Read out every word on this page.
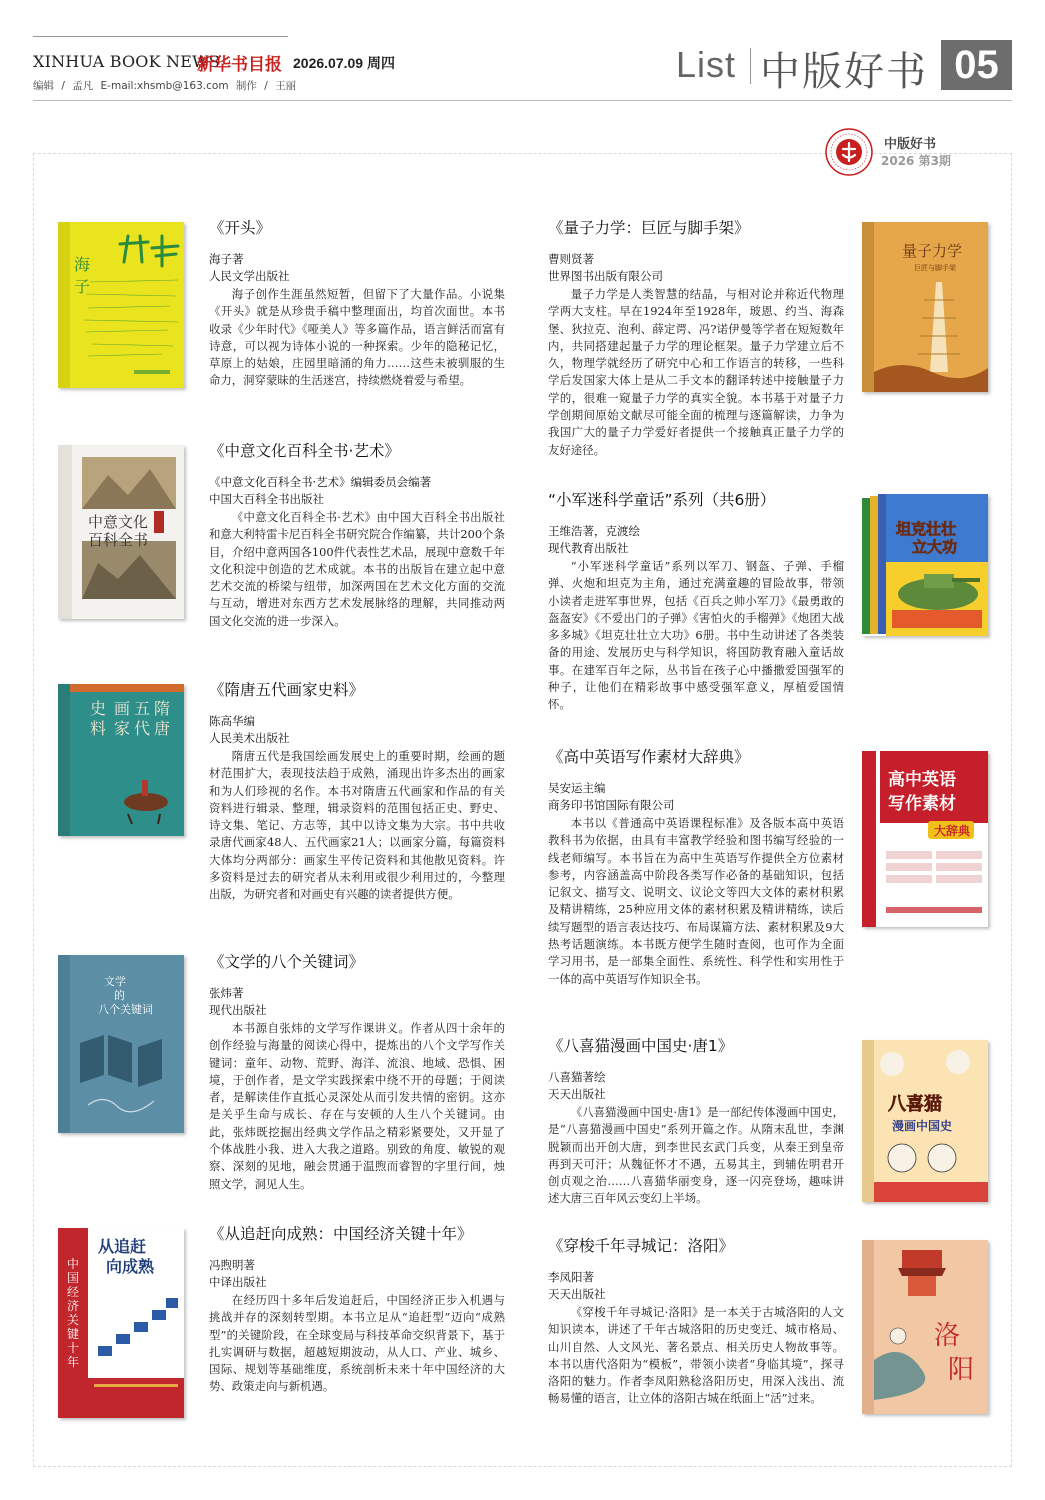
XINHUA BOOK NEWS
新华书目报 2026.07.09 周四
编辑 / 孟凡 E-mail:xhsmb@163.com 制作 / 王丽
List 中版好书 05
中版好书
2026 第3期
海
子
《开头》
海子著
人民文学出版社
海子创作生涯虽然短暂，但留下了大量作品。小说集《开头》就是从珍贵手稿中整理面出，均首次面世。本书收录《少年时代》《哑美人》等多篇作品，语言鲜活而富有诗意，可以视为诗体小说的一种探索。少年的隐秘记忆，草原上的姑娘，庄园里暗涌的角力……这些未被驯服的生命力，洞穿蒙昧的生活迷宫，持续燃烧着爱与希望。
中意文化
百科全书
《中意文化百科全书·艺术》
《中意文化百科全书·艺术》编辑委员会编著
中国大百科全书出版社
《中意文化百科全书·艺术》由中国大百科全书出版社和意大利特雷卡尼百科全书研究院合作编纂，共计200个条目，介绍中意两国各100件代表性艺术品，展现中意数千年文化积淀中创造的艺术成就。本书的出版旨在建立起中意艺术交流的桥梁与纽带，加深两国在艺术文化方面的交流与互动，增进对东西方艺术发展脉络的理解，共同推动两国文化交流的进一步深入。
隋
唐
五
代
画
家
史
料
《隋唐五代画家史料》
陈高华编
人民美术出版社
隋唐五代是我国绘画发展史上的重要时期，绘画的题材范围扩大，表现技法趋于成熟，涌现出许多杰出的画家和为人们珍视的名作。本书对隋唐五代画家和作品的有关资料进行辑录、整理，辑录资料的范围包括正史、野史、诗文集、笔记、方志等，其中以诗文集为大宗。书中共收录唐代画家48人、五代画家21人；以画家分篇，每篇资料大体均分两部分：画家生平传记资料和其他散见资料。许多资料是过去的研究者从未利用或很少利用过的，今整理出版，为研究者和对画史有兴趣的读者提供方便。
文学
的
八个关键词
《文学的八个关键词》
张炜著
现代出版社
本书源自张炜的文学写作课讲义。作者从四十余年的创作经验与海量的阅读心得中，提炼出的八个文学写作关键词：童年、动物、荒野、海洋、流浪、地域、恐惧、困境，于创作者，是文学实践探索中绕不开的母题；于阅读者，是解读佳作直抵心灵深处从而引发共情的密钥。这亦是关乎生命与成长、存在与安顿的人生八个关键词。由此，张炜既挖掘出经典文学作品之精彩紧要处，又开显了个体战胜小我、进入大我之道路。别致的角度、敏锐的观察、深刻的见地，融会贯通于温煦而睿智的字里行间，烛照文学，洞见人生。
中
国
经
济
关
键
十
年
从追赶
向成熟
《从追赶向成熟：中国经济关键十年》
冯煦明著
中译出版社
在经历四十多年后发追赶后，中国经济正步入机遇与挑战并存的深刻转型期。本书立足从“追赶型”迈向“成熟型”的关键阶段，在全球变局与科技革命交织背景下，基于扎实调研与数据，超越短期波动，从人口、产业、城乡、国际、规划等基础维度，系统剖析未来十年中国经济的大势、政策走向与新机遇。
量子力学
巨匠与脚手架
《量子力学：巨匠与脚手架》
曹则贤著
世界图书出版有限公司
量子力学是人类智慧的结晶，与相对论并称近代物理学两大支柱。早在1924年至1928年，玻恩、约当、海森堡、狄拉克、泡利、薛定谔、冯?诺伊曼等学者在短短数年内，共同搭建起量子力学的理论框架。量子力学建立后不久，物理学就经历了研究中心和工作语言的转移，一些科学后发国家大体上是从二手文本的翻译转述中接触量子力学的，很难一窥量子力学的真实全貌。本书基于对量子力学创期间原始文献尽可能全面的梳理与逐篇解读，力争为我国广大的量子力学爱好者提供一个接触真正量子力学的友好途径。
坦克壮壮
立大功
“小军迷科学童话”系列（共6册）
王维浩著，克渡绘
现代教育出版社
“小军迷科学童话”系列以军刀、钢盔、子弹、手榴弹、火炮和坦克为主角，通过充满童趣的冒险故事，带领小读者走进军事世界，包括《百兵之帅小军刀》《最勇敢的盔盔安》《不爱出门的子弹》《害怕火的手榴弹》《炮团大战多多城》《坦克壮壮立大功》6册。书中生动讲述了各类装备的用途、发展历史与科学知识，将国防教育融入童话故事。在建军百年之际，丛书旨在孩子心中播撒爱国强军的种子，让他们在精彩故事中感受强军意义，厚植爱国情怀。
高中英语
写作素材
大辞典
《高中英语写作素材大辞典》
吴安运主编
商务印书馆国际有限公司
本书以《普通高中英语课程标准》及各版本高中英语教科书为依据，由具有丰富教学经验和图书编写经验的一线老师编写。本书旨在为高中生英语写作提供全方位素材参考，内容涵盖高中阶段各类写作必备的基础知识，包括记叙文、描写文、说明文、议论文等四大文体的素材积累及精讲精练，25种应用文体的素材积累及精讲精练，读后续写题型的语言表达技巧、布局谋篇方法、素材积累及9大热考话题演练。本书既方便学生随时查阅，也可作为全面学习用书，是一部集全面性、系统性、科学性和实用性于一体的高中英语写作知识全书。
八喜猫
漫画中国史
《八喜猫漫画中国史·唐1》
八喜猫著绘
天天出版社
《八喜猫漫画中国史·唐1》是一部纪传体漫画中国史，是“八喜猫漫画中国史”系列开篇之作。从隋末乱世，李渊脱颖而出开创大唐，到李世民玄武门兵变，从秦王到皇帝再到天可汗；从魏征怀才不遇，五易其主，到辅佐明君开创贞观之治……八喜猫华丽变身，逐一闪亮登场，趣味讲述大唐三百年风云变幻上半场。
洛
阳
《穿梭千年寻城记：洛阳》
李凤阳著
天天出版社
《穿梭千年寻城记·洛阳》是一本关于古城洛阳的人文知识读本，讲述了千年古城洛阳的历史变迁、城市格局、山川自然、人文风光、著名景点、相关历史人物故事等。本书以唐代洛阳为“模板”，带领小读者“身临其境”，探寻洛阳的魅力。作者李凤阳熟稔洛阳历史，用深入浅出、流畅易懂的语言，让立体的洛阳古城在纸面上“活”过来。
